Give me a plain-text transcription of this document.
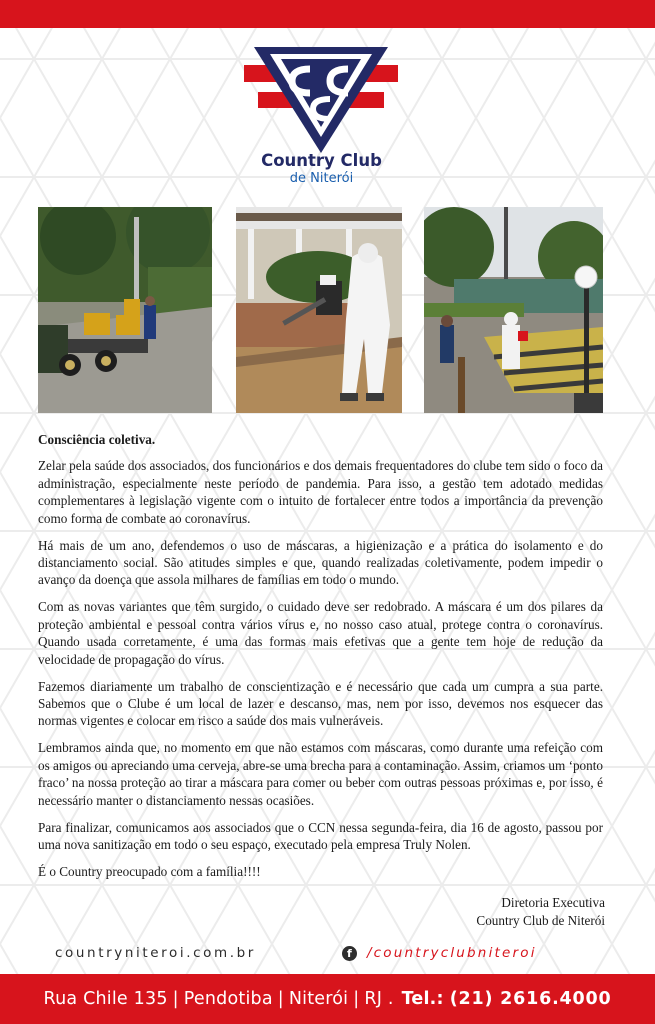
Country Club
de Niterói
Consciência coletiva.

Zelar pela saúde dos associados, dos funcionários e dos demais frequentadores do clube tem sido o foco da administração, especialmente neste período de pandemia. Para isso, a gestão tem adotado medidas complementares à legislação vigente com o intuito de fortalecer entre todos a importância da prevenção como forma de combate ao coronavírus.

Há mais de um ano, defendemos o uso de máscaras, a higienização e a prática do isolamento e do distanciamento social. São atitudes simples e que, quando realizadas coletivamente, podem impedir o avanço da doença que assola milhares de famílias em todo o mundo.

Com as novas variantes que têm surgido, o cuidado deve ser redobrado. A máscara é um dos pilares da proteção ambiental e pessoal contra vários vírus e, no nosso caso atual, protege contra o coronavírus. Quando usada corretamente, é uma das formas mais efetivas que a gente tem hoje de redução da velocidade de propagação do vírus.

Fazemos diariamente um trabalho de conscientização e é necessário que cada um cumpra a sua parte. Sabemos que o Clube é um local de lazer e descanso, mas, nem por isso, devemos nos esquecer das normas vigentes e colocar em risco a saúde dos mais vulneráveis.

Lembramos ainda que, no momento em que não estamos com máscaras, como durante uma refeição com os amigos ou apreciando uma cerveja, abre-se uma brecha para a contaminação. Assim, criamos um ‘ponto fraco’ na nossa proteção ao tirar a máscara para comer ou beber com outras pessoas próximas e, por isso, é necessário manter o distanciamento nessas ocasiões.

Para finalizar, comunicamos aos associados que o CCN nessa segunda-feira, dia 16 de agosto, passou por uma nova sanitização em todo o seu espaço, executado pela empresa Truly Nolen.

É o Country preocupado com a família!!!!

Diretoria Executiva
Country Club de Niterói
countryniteroi.com.br	f	/countryclubniteroi
Rua Chile 135 | Pendotiba | Niterói | RJ . Tel.: (21) 2616.4000
